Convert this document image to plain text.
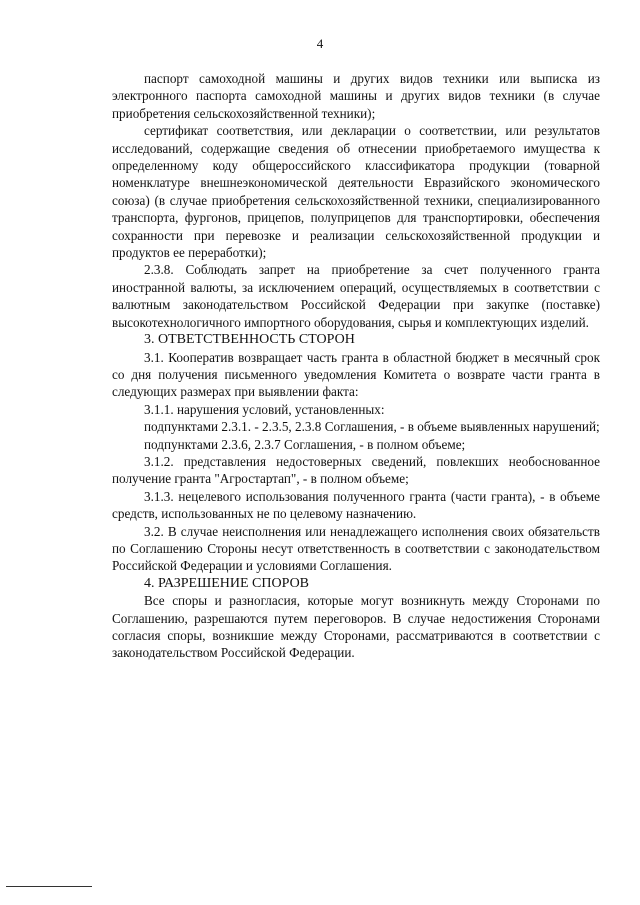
4

паспорт самоходной машины и других видов техники или выписка из электронного паспорта самоходной машины и других видов техники (в случае приобретения сельскохозяйственной техники);

сертификат соответствия, или декларации о соответствии, или результатов исследований, содержащие сведения об отнесении приобретаемого имущества к определенному коду общероссийского классификатора продукции (товарной номенклатуре внешнеэкономической деятельности Евразийского экономического союза) (в случае приобретения сельскохозяйственной техники, специализированного транспорта, фургонов, прицепов, полуприцепов для транспортировки, обеспечения сохранности при перевозке и реализации сельскохозяйственной продукции и продуктов ее переработки);

2.3.8. Соблюдать запрет на приобретение за счет полученного гранта иностранной валюты, за исключением операций, осуществляемых в соответствии с валютным законодательством Российской Федерации при закупке (поставке) высокотехнологичного импортного оборудования, сырья и комплектующих изделий.

3. ОТВЕТСТВЕННОСТЬ СТОРОН

3.1. Кооператив возвращает часть гранта в областной бюджет в месячный срок со дня получения письменного уведомления Комитета о возврате части гранта в следующих размерах при выявлении факта:

3.1.1. нарушения условий, установленных:

подпунктами 2.3.1. - 2.3.5, 2.3.8 Соглашения, - в объеме выявленных нарушений;

подпунктами 2.3.6, 2.3.7 Соглашения, - в полном объеме;

3.1.2. представления недостоверных сведений, повлекших необоснованное получение гранта "Агростартап", - в полном объеме;

3.1.3. нецелевого использования полученного гранта (части гранта), - в объеме средств, использованных не по целевому назначению.

3.2. В случае неисполнения или ненадлежащего исполнения своих обязательств по Соглашению Стороны несут ответственность в соответствии с законодательством Российской Федерации и условиями Соглашения.

4. РАЗРЕШЕНИЕ СПОРОВ

Все споры и разногласия, которые могут возникнуть между Сторонами по Соглашению, разрешаются путем переговоров. В случае недостижения Сторонами согласия споры, возникшие между Сторонами, рассматриваются в соответствии с законодательством Российской Федерации.
